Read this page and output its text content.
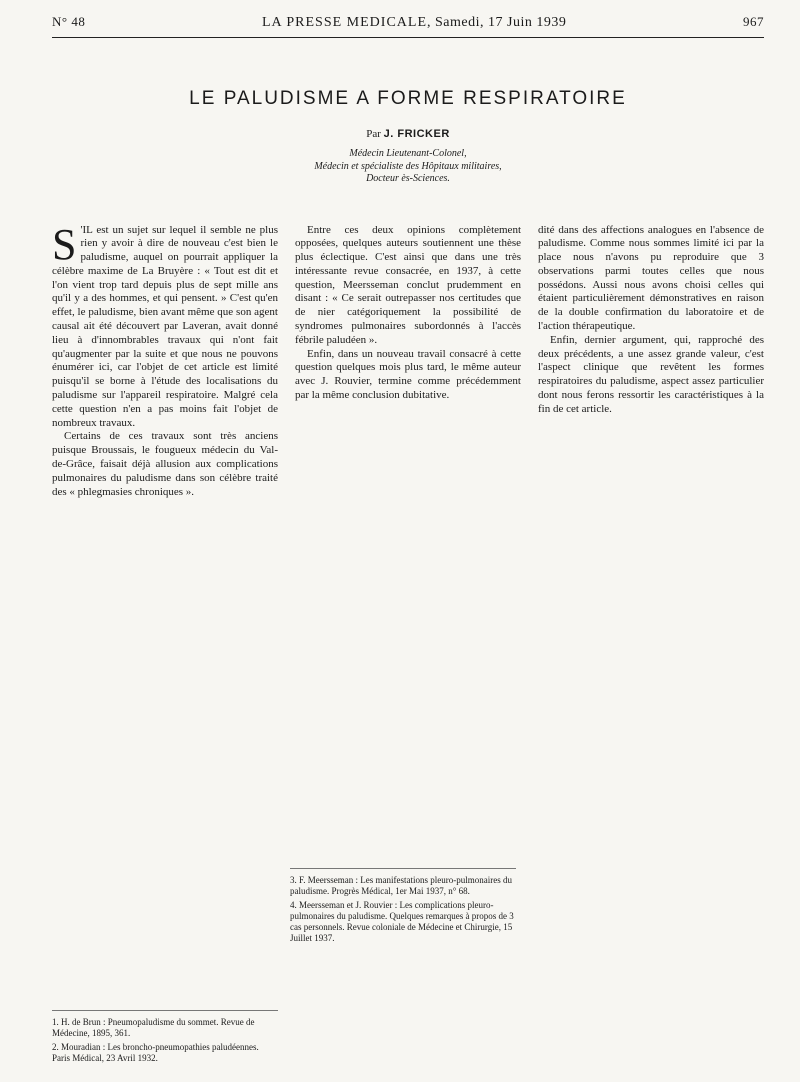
N° 48	LA PRESSE MEDICALE, Samedi, 17 Juin 1939	967
LE PALUDISME A FORME RESPIRATOIRE
Par J. FRICKER
Médecin Lieutenant-Colonel,
Médecin et spécialiste des Hôpitaux militaires,
Docteur ès-Sciences.
S 'IL est un sujet sur lequel il semble ne plus rien y avoir à dire de nouveau c'est bien le paludisme, auquel on pourrait appliquer la célèbre maxime de La Bruyère : « Tout est dit et l'on vient trop tard depuis plus de sept mille ans qu'il y a des hommes, et qui pensent. » C'est qu'en effet, le paludisme, bien avant même que son agent causal ait été découvert par Laveran, avait donné lieu à d'innombrables travaux qui n'ont fait qu'augmenter par la suite et que nous ne pouvons énumérer ici, car l'objet de cet article est limité puisqu'il se borne à l'étude des localisations du paludisme sur l'appareil respiratoire. Malgré cela cette question n'en a pas moins fait l'objet de nombreux travaux.

Certains de ces travaux sont très anciens puisque Broussais, le fougueux médecin du Val-de-Grâce, faisait déjà allusion aux complications pulmonaires du paludisme dans son célèbre traité des « phlegmasies chroniques ».

Entre ces deux opinions complètement opposées, quelques auteurs soutiennent une thèse plus éclectique. C'est ainsi que dans une très intéressante revue consacrée, en 1937, à cette question, Meersseman conclut prudemment en disant : « Ce serait outrepasser nos certitudes que de nier catégoriquement la possibilité de syndromes pulmonaires subordonnés à l'accès fébrile paludéen ».

Enfin, dans un nouveau travail consacré à cette question quelques mois plus tard, le même auteur avec J. Rouvier, termine comme précédemment par la même conclusion dubitative.

dité dans des affections analogues en l'absence de paludisme. Comme nous sommes limité ici par la place nous n'avons pu reproduire que 3 observations parmi toutes celles que nous possédons. Aussi nous avons choisi celles qui étaient particulièrement démonstratives en raison de la double confirmation du laboratoire et de l'action thérapeutique.

Enfin, dernier argument, qui, rapproché des deux précédents, a une assez grande valeur, c'est l'aspect clinique que revêtent les formes respiratoires du paludisme, aspect assez particulier dont nous ferons ressortir les caractéristiques à la fin de cet article.

3. F. Meersseman : Les manifestations pleuro-pulmonaires du paludisme. Progrès Médical, 1er Mai 1937, n° 68.
4. Meersseman et J. Rouvier : Les complications pleuro-pulmonaires du paludisme. Quelques remarques à propos de 3 cas personnels. Revue coloniale de Médecine et Chirurgie, 15 Juillet 1937.
1. H. de Brun : Pneumopaludisme du sommet. Revue de Médecine, 1895, 361.
2. Mouradian : Les broncho-pneumopathies paludéennes. Paris Médical, 23 Avril 1932.
